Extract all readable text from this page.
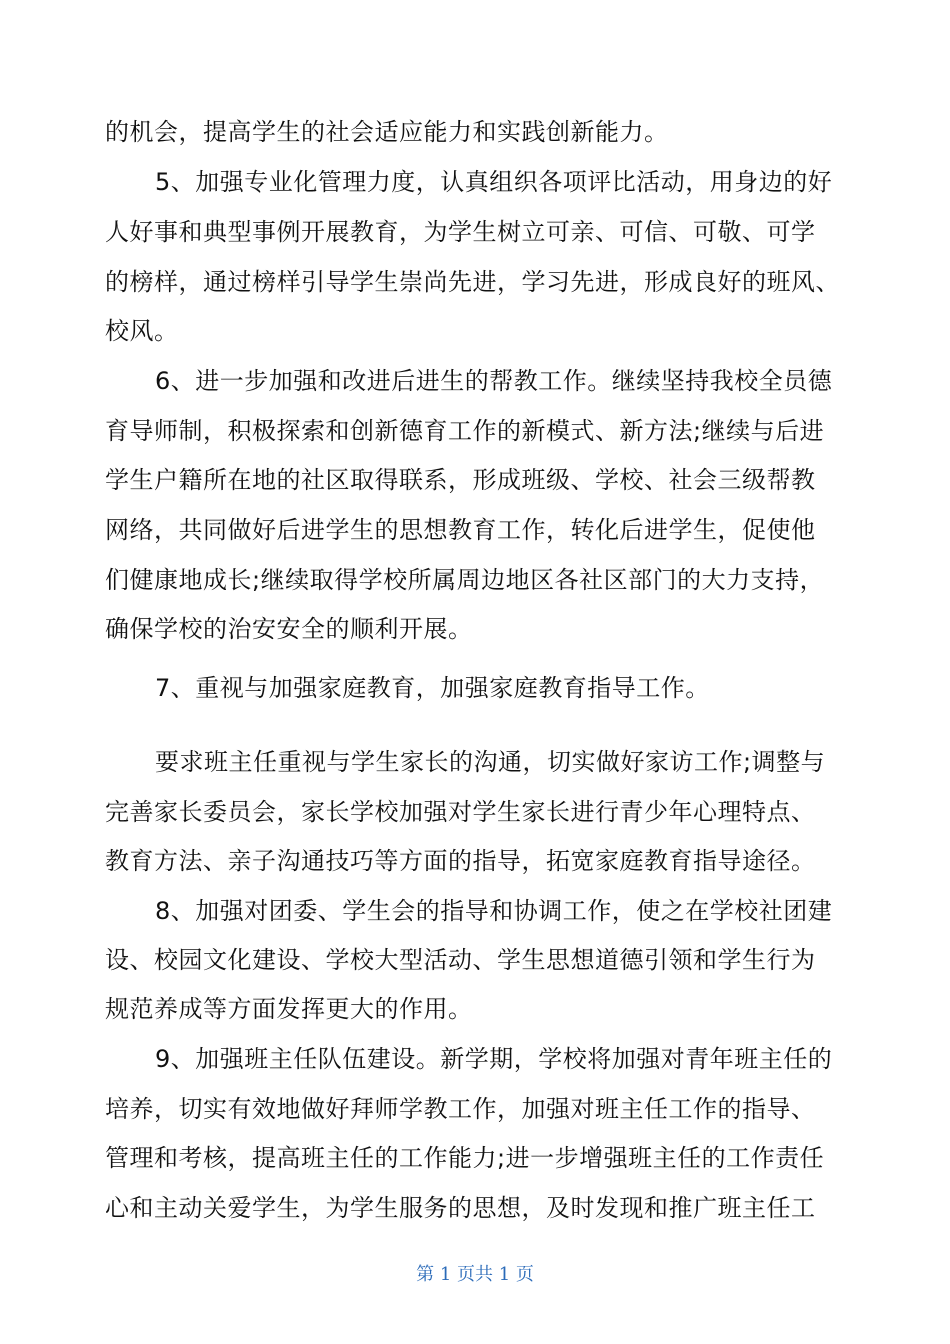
的机会，提高学生的社会适应能力和实践创新能力。
5、加强专业化管理力度，认真组织各项评比活动，用身边的好
人好事和典型事例开展教育，为学生树立可亲、可信、可敬、可学
的榜样，通过榜样引导学生崇尚先进，学习先进，形成良好的班风、
校风。
6、进一步加强和改进后进生的帮教工作。继续坚持我校全员德
育导师制，积极探索和创新德育工作的新模式、新方法;继续与后进
学生户籍所在地的社区取得联系，形成班级、学校、社会三级帮教
网络，共同做好后进学生的思想教育工作，转化后进学生，促使他
们健康地成长;继续取得学校所属周边地区各社区部门的大力支持，
确保学校的治安安全的顺利开展。
7、重视与加强家庭教育，加强家庭教育指导工作。
要求班主任重视与学生家长的沟通，切实做好家访工作;调整与
完善家长委员会，家长学校加强对学生家长进行青少年心理特点、
教育方法、亲子沟通技巧等方面的指导，拓宽家庭教育指导途径。
8、加强对团委、学生会的指导和协调工作，使之在学校社团建
设、校园文化建设、学校大型活动、学生思想道德引领和学生行为
规范养成等方面发挥更大的作用。
9、加强班主任队伍建设。新学期，学校将加强对青年班主任的
培养，切实有效地做好拜师学教工作，加强对班主任工作的指导、
管理和考核，提高班主任的工作能力;进一步增强班主任的工作责任
心和主动关爱学生，为学生服务的思想，及时发现和推广班主任工
第 1 页共 1 页
